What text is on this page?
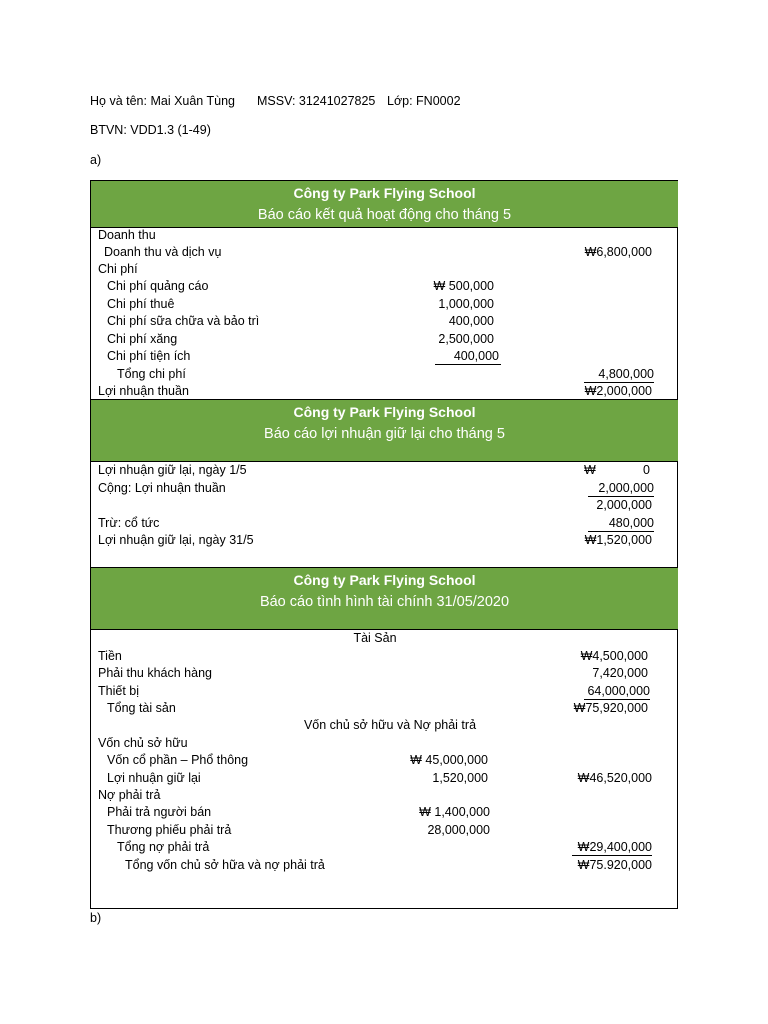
Họ và tên: Mai Xuân Tùng MSSV: 31241027825 Lớp: FN0002
BTVN: VDD1.3 (1-49)
a)
Công ty Park Flying School
Báo cáo kết quả hoạt động cho tháng 5
Doanh thu
Doanh thu và dịch vụ	₩6,800,000
Chi phí
Chi phí quảng cáo	₩ 500,000
Chi phí thuê	1,000,000
Chi phí sữa chữa và bảo trì	400,000
Chi phí xăng	2,500,000
Chi phí tiện ích	400,000
Tổng chi phí	4,800,000
Lợi nhuận thuần	₩2,000,000
Công ty Park Flying School
Báo cáo lợi nhuận giữ lại cho tháng 5
Lợi nhuận giữ lại, ngày 1/5	₩	0
Cộng: Lợi nhuận thuần	2,000,000
2,000,000
Trừ: cổ tức	480,000
Lợi nhuận giữ lại, ngày 31/5	₩1,520,000
Công ty Park Flying School
Báo cáo tình hình tài chính 31/05/2020
Tài Sản
Tiền	₩4,500,000
Phải thu khách hàng	7,420,000
Thiết bị	64,000,000
Tổng tài sản	₩75,920,000
Vốn chủ sở hữu và Nợ phải trả
Vốn chủ sở hữu
Vốn cổ phần – Phổ thông	₩ 45,000,000
Lợi nhuận giữ lại	1,520,000	₩46,520,000
Nợ phải trả
Phải trả người bán	₩ 1,400,000
Thương phiếu phải trả	28,000,000
Tổng nợ phải trả	₩29,400,000
Tổng vốn chủ sở hữa và nợ phải trả	₩75.920,000
b)
